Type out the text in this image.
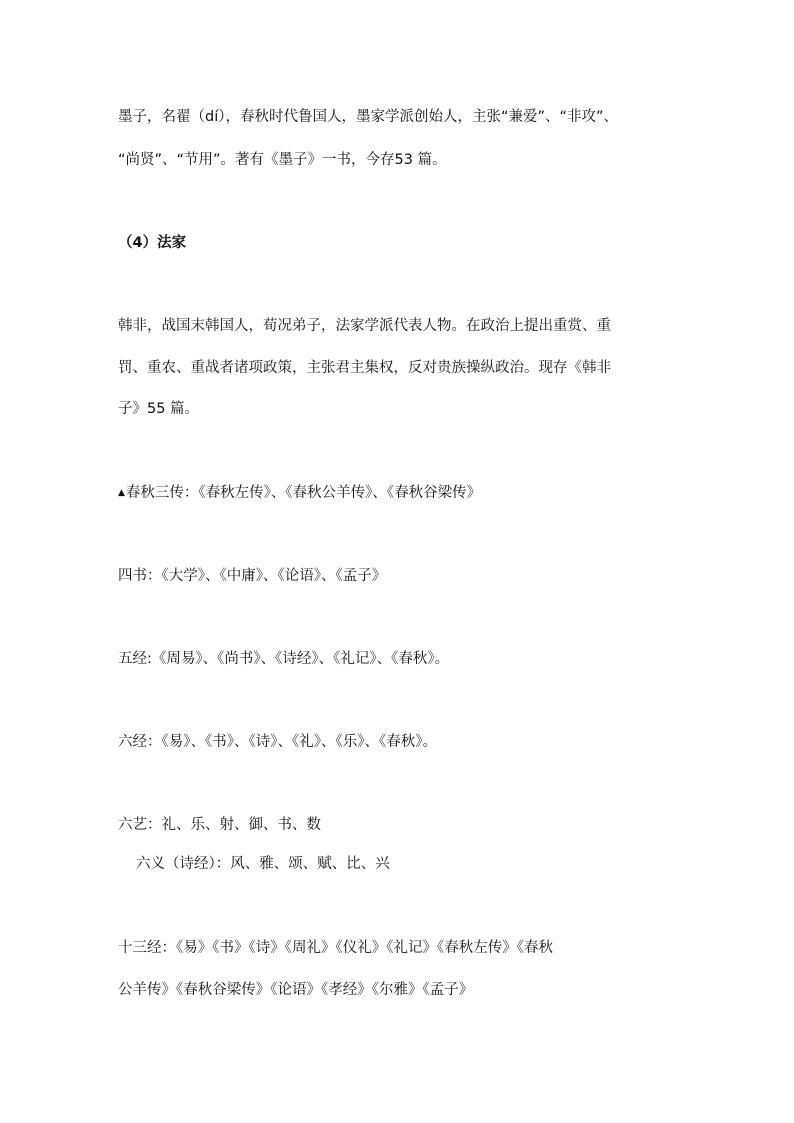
墨子，名翟（dí），春秋时代鲁国人，墨家学派创始人，主张“兼爱”、“非攻”、
“尚贤”、“节用”。著有《墨子》一书，今存53 篇。
（4）法家
韩非，战国末韩国人，荀况弟子，法家学派代表人物。在政治上提出重赏、重
罚、重农、重战者诸项政策，主张君主集权，反对贵族操纵政治。现存《韩非
子》55 篇。
▲春秋三传：《春秋左传》、《春秋公羊传》、《春秋谷梁传》
四书：《大学》、《中庸》、《论语》、《孟子》
五经:《周易》、《尚书》、《诗经》、《礼记》、《春秋》。
六经：《易》、《书》、《诗》、《礼》、《乐》、《春秋》。
六艺：礼、乐、射、御、书、数
六义（诗经）：风、雅、颂、赋、比、兴
十三经：《易》《书》《诗》《周礼》《仪礼》《礼记》《春秋左传》《春秋
公羊传》《春秋谷梁传》《论语》《孝经》《尔雅》《孟子》
